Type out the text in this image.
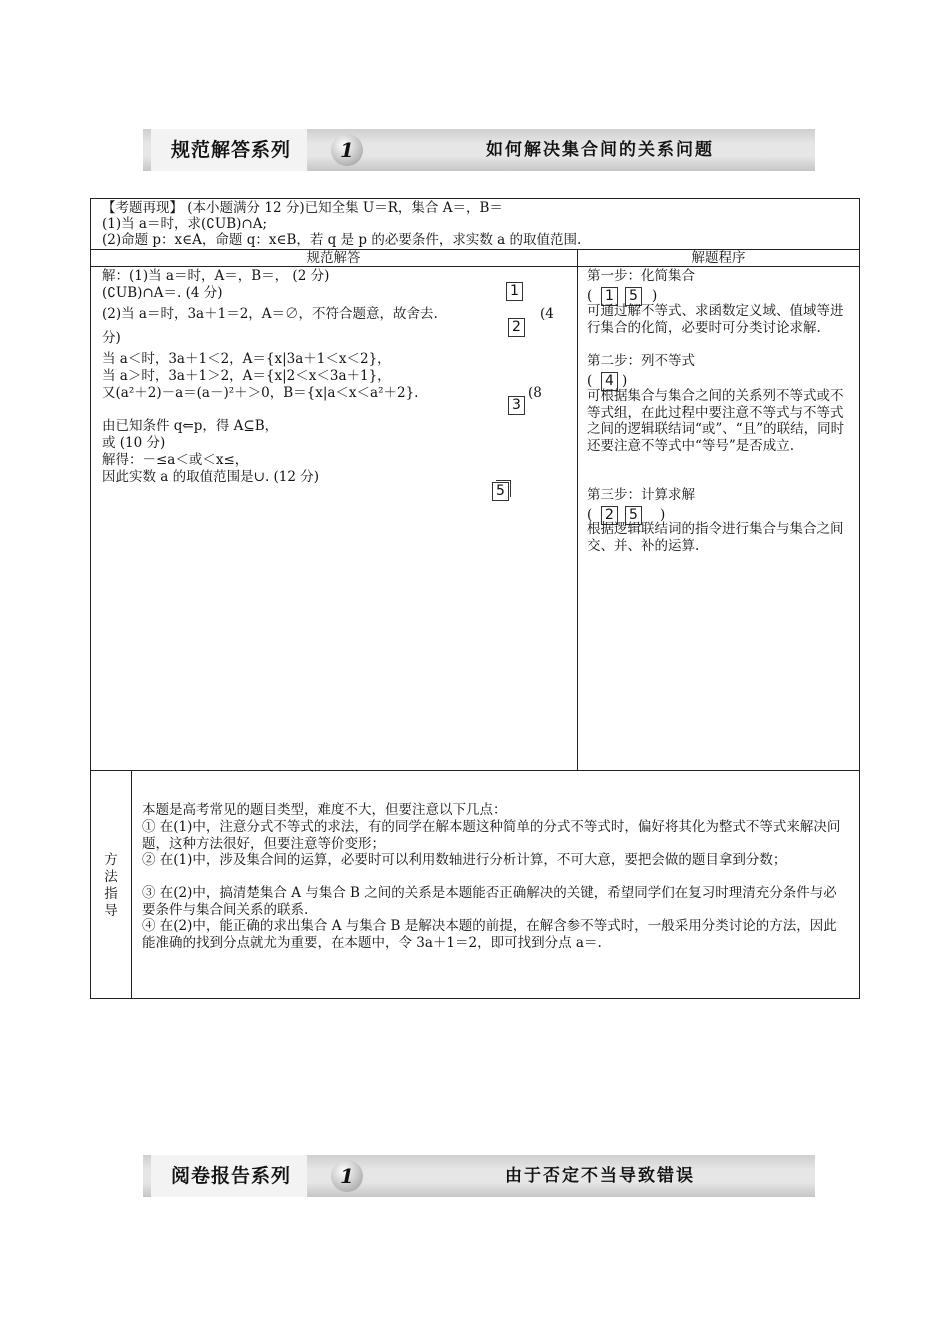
规范解答系列	1	如何解决集合间的关系问题
【考题再现】 (本小题满分 12 分)已知全集 U＝R，集合 A＝，B＝
(1)当 a＝时，求(∁UB)∩A;
(2)命题 p：x∈A，命题 q：x∈B，若 q 是 p 的必要条件，求实数 a 的取值范围.
规范解答	解题程序
解：(1)当 a＝时，A＝，B＝， (2 分)
(∁UB)∩A＝. (4 分)
(2)当 a＝时，3a＋1＝2，A＝∅，不符合题意，故舍去.	(4
分)
当 a＜时，3a＋1＜2，A＝{x|3a＋1＜x＜2}，
当 a＞时，3a＋1＞2，A＝{x|2＜x＜3a＋1}，
又(a²＋2)－a＝(a－)²＋＞0，B＝{x|a＜x＜a²＋2}.	(8
由已知条件 q⇐p，得 A⊆B，
或 (10 分)
解得：－≤a＜或＜x≤，
因此实数 a 的取值范围是∪. (12 分)
1
2
3
5
第一步：化简集合
( 1 5 )
可通过解不等式、求函数定义域、值域等进行集合的化简，必要时可分类讨论求解.
第二步：列不等式
( 4 )
可根据集合与集合之间的关系列不等式或不等式组，在此过程中要注意不等式与不等式之间的逻辑联结词“或”、“且”的联结，同时还要注意不等式中“等号”是否成立.
第三步：计算求解
( 2 5 )
根据逻辑联结词的指令进行集合与集合之间交、并、补的运算.
方
法
指
导
本题是高考常见的题目类型，难度不大，但要注意以下几点：
① 在(1)中，注意分式不等式的求法，有的同学在解本题这种简单的分式不等式时，偏好将其化为整式不等式来解决问题，这种方法很好，但要注意等价变形；
② 在(1)中，涉及集合间的运算，必要时可以利用数轴进行分析计算，不可大意，要把会做的题目拿到分数；
③ 在(2)中，搞清楚集合 A 与集合 B 之间的关系是本题能否正确解决的关键，希望同学们在复习时理清充分条件与必要条件与集合间关系的联系.
④ 在(2)中，能正确的求出集合 A 与集合 B 是解决本题的前提，在解含参不等式时，一般采用分类讨论的方法，因此能准确的找到分点就尤为重要，在本题中，令 3a＋1＝2，即可找到分点 a＝.
阅卷报告系列	1	由于否定不当导致错误
